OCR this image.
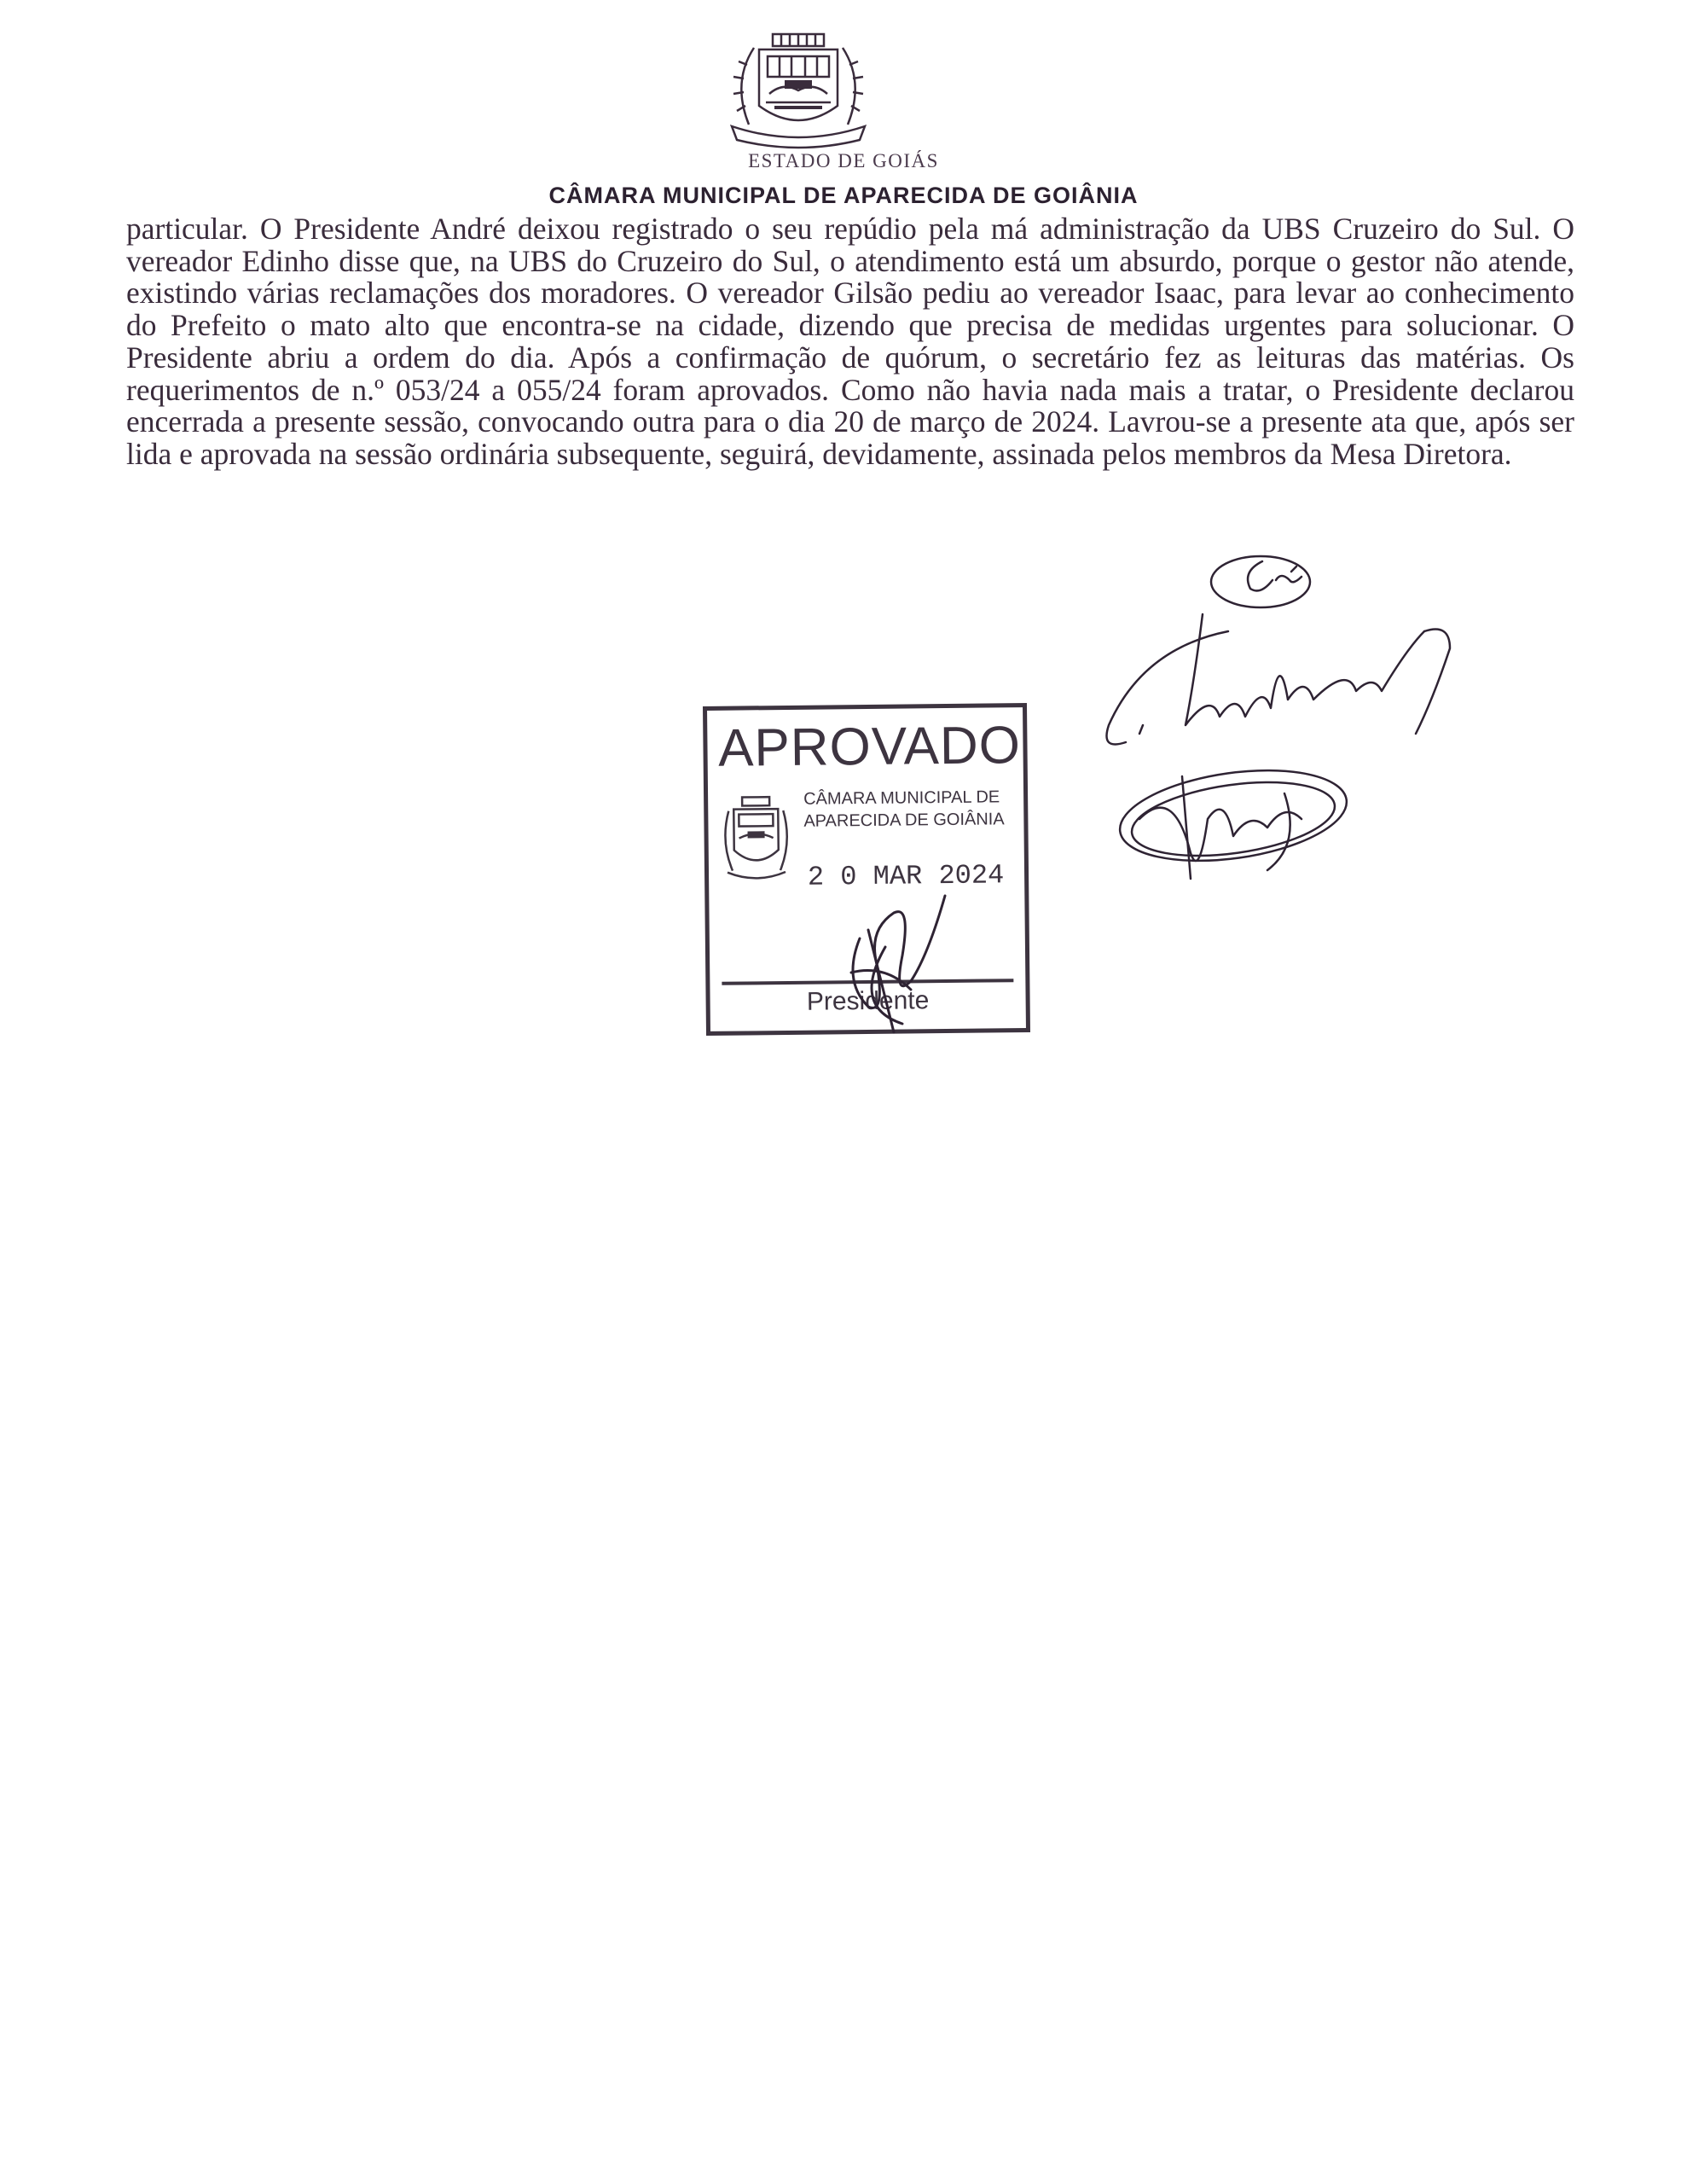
ESTADO DE GOIÁS
CÂMARA MUNICIPAL DE APARECIDA DE GOIÂNIA

particular. O Presidente André deixou registrado o seu repúdio pela má administração da UBS Cruzeiro do Sul. O vereador Edinho disse que, na UBS do Cruzeiro do Sul, o atendimento está um absurdo, porque o gestor não atende, existindo várias reclamações dos moradores. O vereador Gilsão pediu ao vereador Isaac, para levar ao conhecimento do Prefeito o mato alto que encontra-se na cidade, dizendo que precisa de medidas urgentes para solucionar. O Presidente abriu a ordem do dia. Após a confirmação de quórum, o secretário fez as leituras das matérias. Os requerimentos de n.º 053/24 a 055/24 foram aprovados. Como não havia nada mais a tratar, o Presidente declarou encerrada a presente sessão, convocando outra para o dia 20 de março de 2024. Lavrou-se a presente ata que, após ser lida e aprovada na sessão ordinária subsequente, seguirá, devidamente, assinada pelos membros da Mesa Diretora.

APROVADO
CÂMARA MUNICIPAL DE
APARECIDA DE GOIÂNIA
2 0 MAR 2024
Presidente
